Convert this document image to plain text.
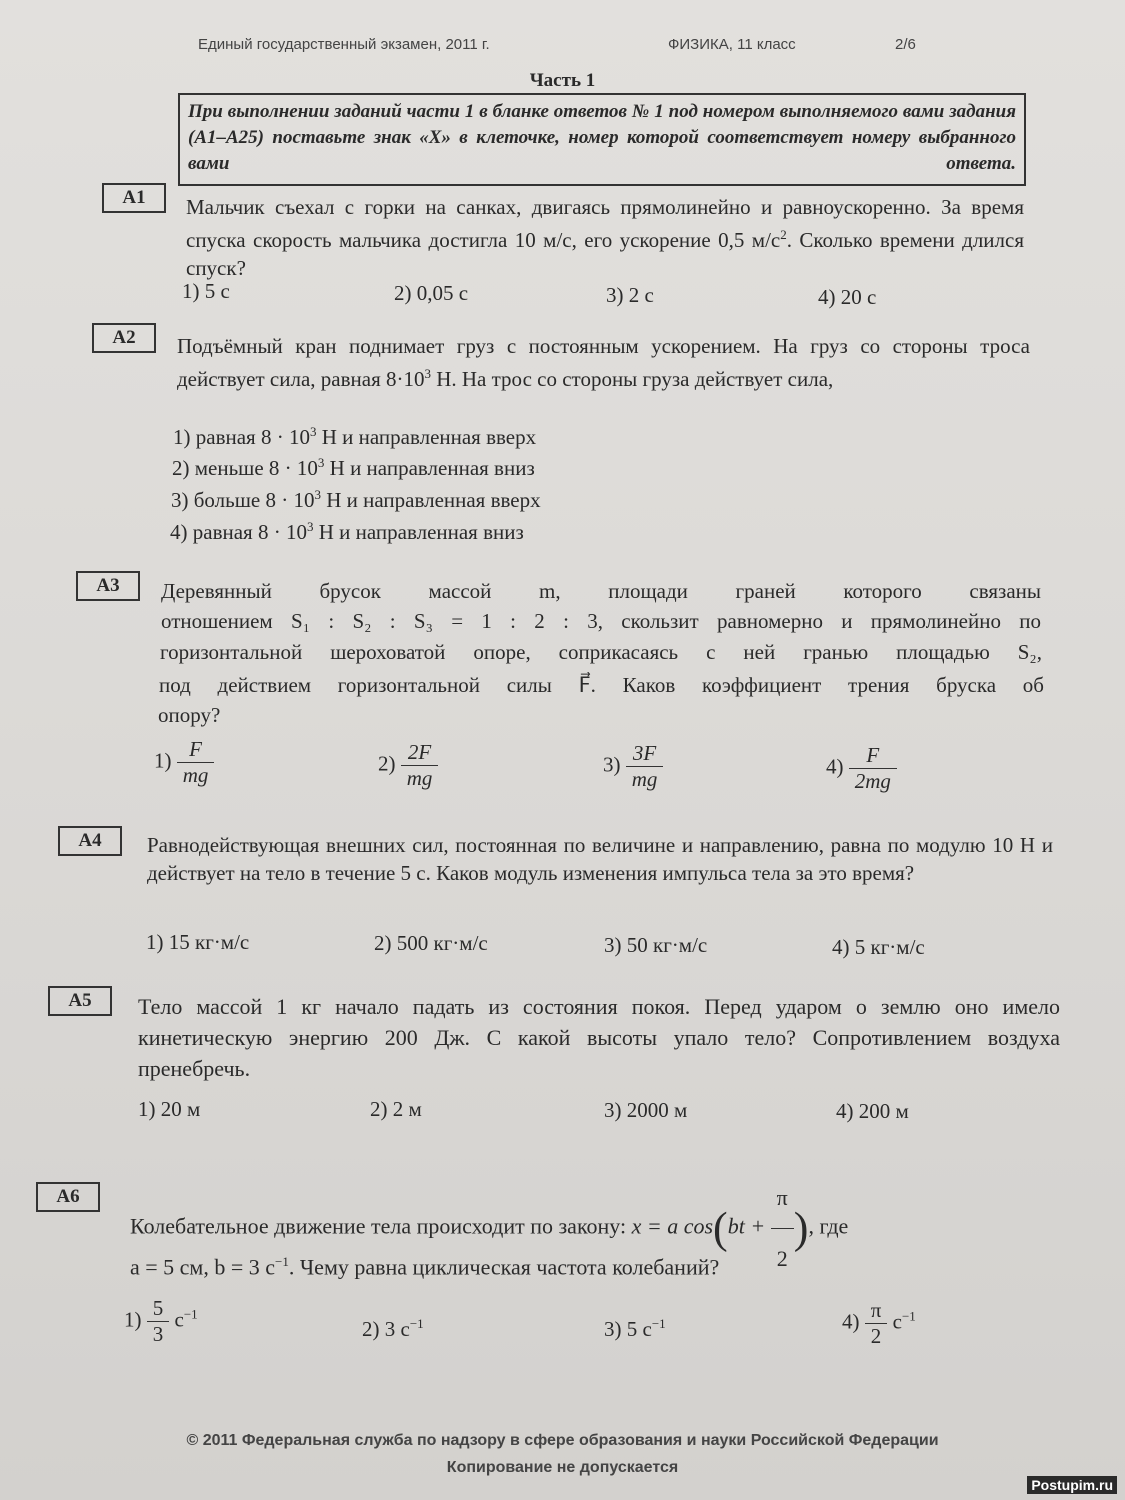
Единый государственный экзамен, 2011 г.	ФИЗИКА, 11 класс	2/6
Часть 1
При выполнении заданий части 1 в бланке ответов № 1 под номером выполняемого вами задания (А1–А25) поставьте знак «X» в клеточке, номер которой соответствует номеру выбранного вами ответа.
А1	Мальчик съехал с горки на санках, двигаясь прямолинейно и равноускоренно. За время спуска скорость мальчика достигла 10 м/с, его ускорение 0,5 $м/с^2$. Сколько времени длился спуск?
1) 5 с	2) 0,05 с	3) 2 с	4) 20 с
А2	Подъёмный кран поднимает груз с постоянным ускорением. На груз со стороны троса действует сила, равная $8\cdot 10^3$ Н. На трос со стороны груза действует сила,
1) равная $8 \cdot 10^3$ Н и направленная вверх
2) меньше $8 \cdot 10^3$ Н и направленная вниз
3) больше $8 \cdot 10^3$ Н и направленная вверх
4) равная $8 \cdot 10^3$ Н и направленная вниз
А3	Деревянный брусок массой m, площади граней которого связаны
отношением S₁ : S₂ : S₃ = 1 : 2 : 3, скользит равномерно и прямолинейно по
горизонтальной шероховатой опоре, соприкасаясь с ней гранью площадью S₂,
под действием горизонтальной силы F⃗. Каков коэффициент трения бруска об
опору?
$1) \frac{F}{mg}$	$2) \frac{2F}{mg}$	$3) \frac{3F}{mg}$	$4) \frac{F}{2mg}$
А4	Равнодействующая внешних сил, постоянная по величине и направлению, равна по модулю 10 Н и действует на тело в течение 5 с. Каков модуль изменения импульса тела за это время?
1) 15 кг·м/с	2) 500 кг·м/с	3) 50 кг·м/с	4) 5 кг·м/с
А5	Тело массой 1 кг начало падать из состояния покоя. Перед ударом о землю оно имело кинетическую энергию 200 Дж. С какой высоты упало тело? Сопротивлением воздуха пренебречь.
1) 20 м	2) 2 м	3) 2000 м	4) 200 м
А6
Колебательное движение тела происходит по закону: x = a $\cos(bt + \frac{\pi}{2}$ ), где
a = 5 см, b = 3 $с^{-1}$. Чему равна циклическая частота колебаний?
$1) \frac{5}{3} с^{-1}$
2) 3 $с^{-1}$	3) 5 $с^{-1}$	$4) \frac{\pi}{2} с^{-1}$
© 2011 Федеральная служба по надзору в сфере образования и науки Российской Федерации
Копирование не допускается
Postupim.ru
